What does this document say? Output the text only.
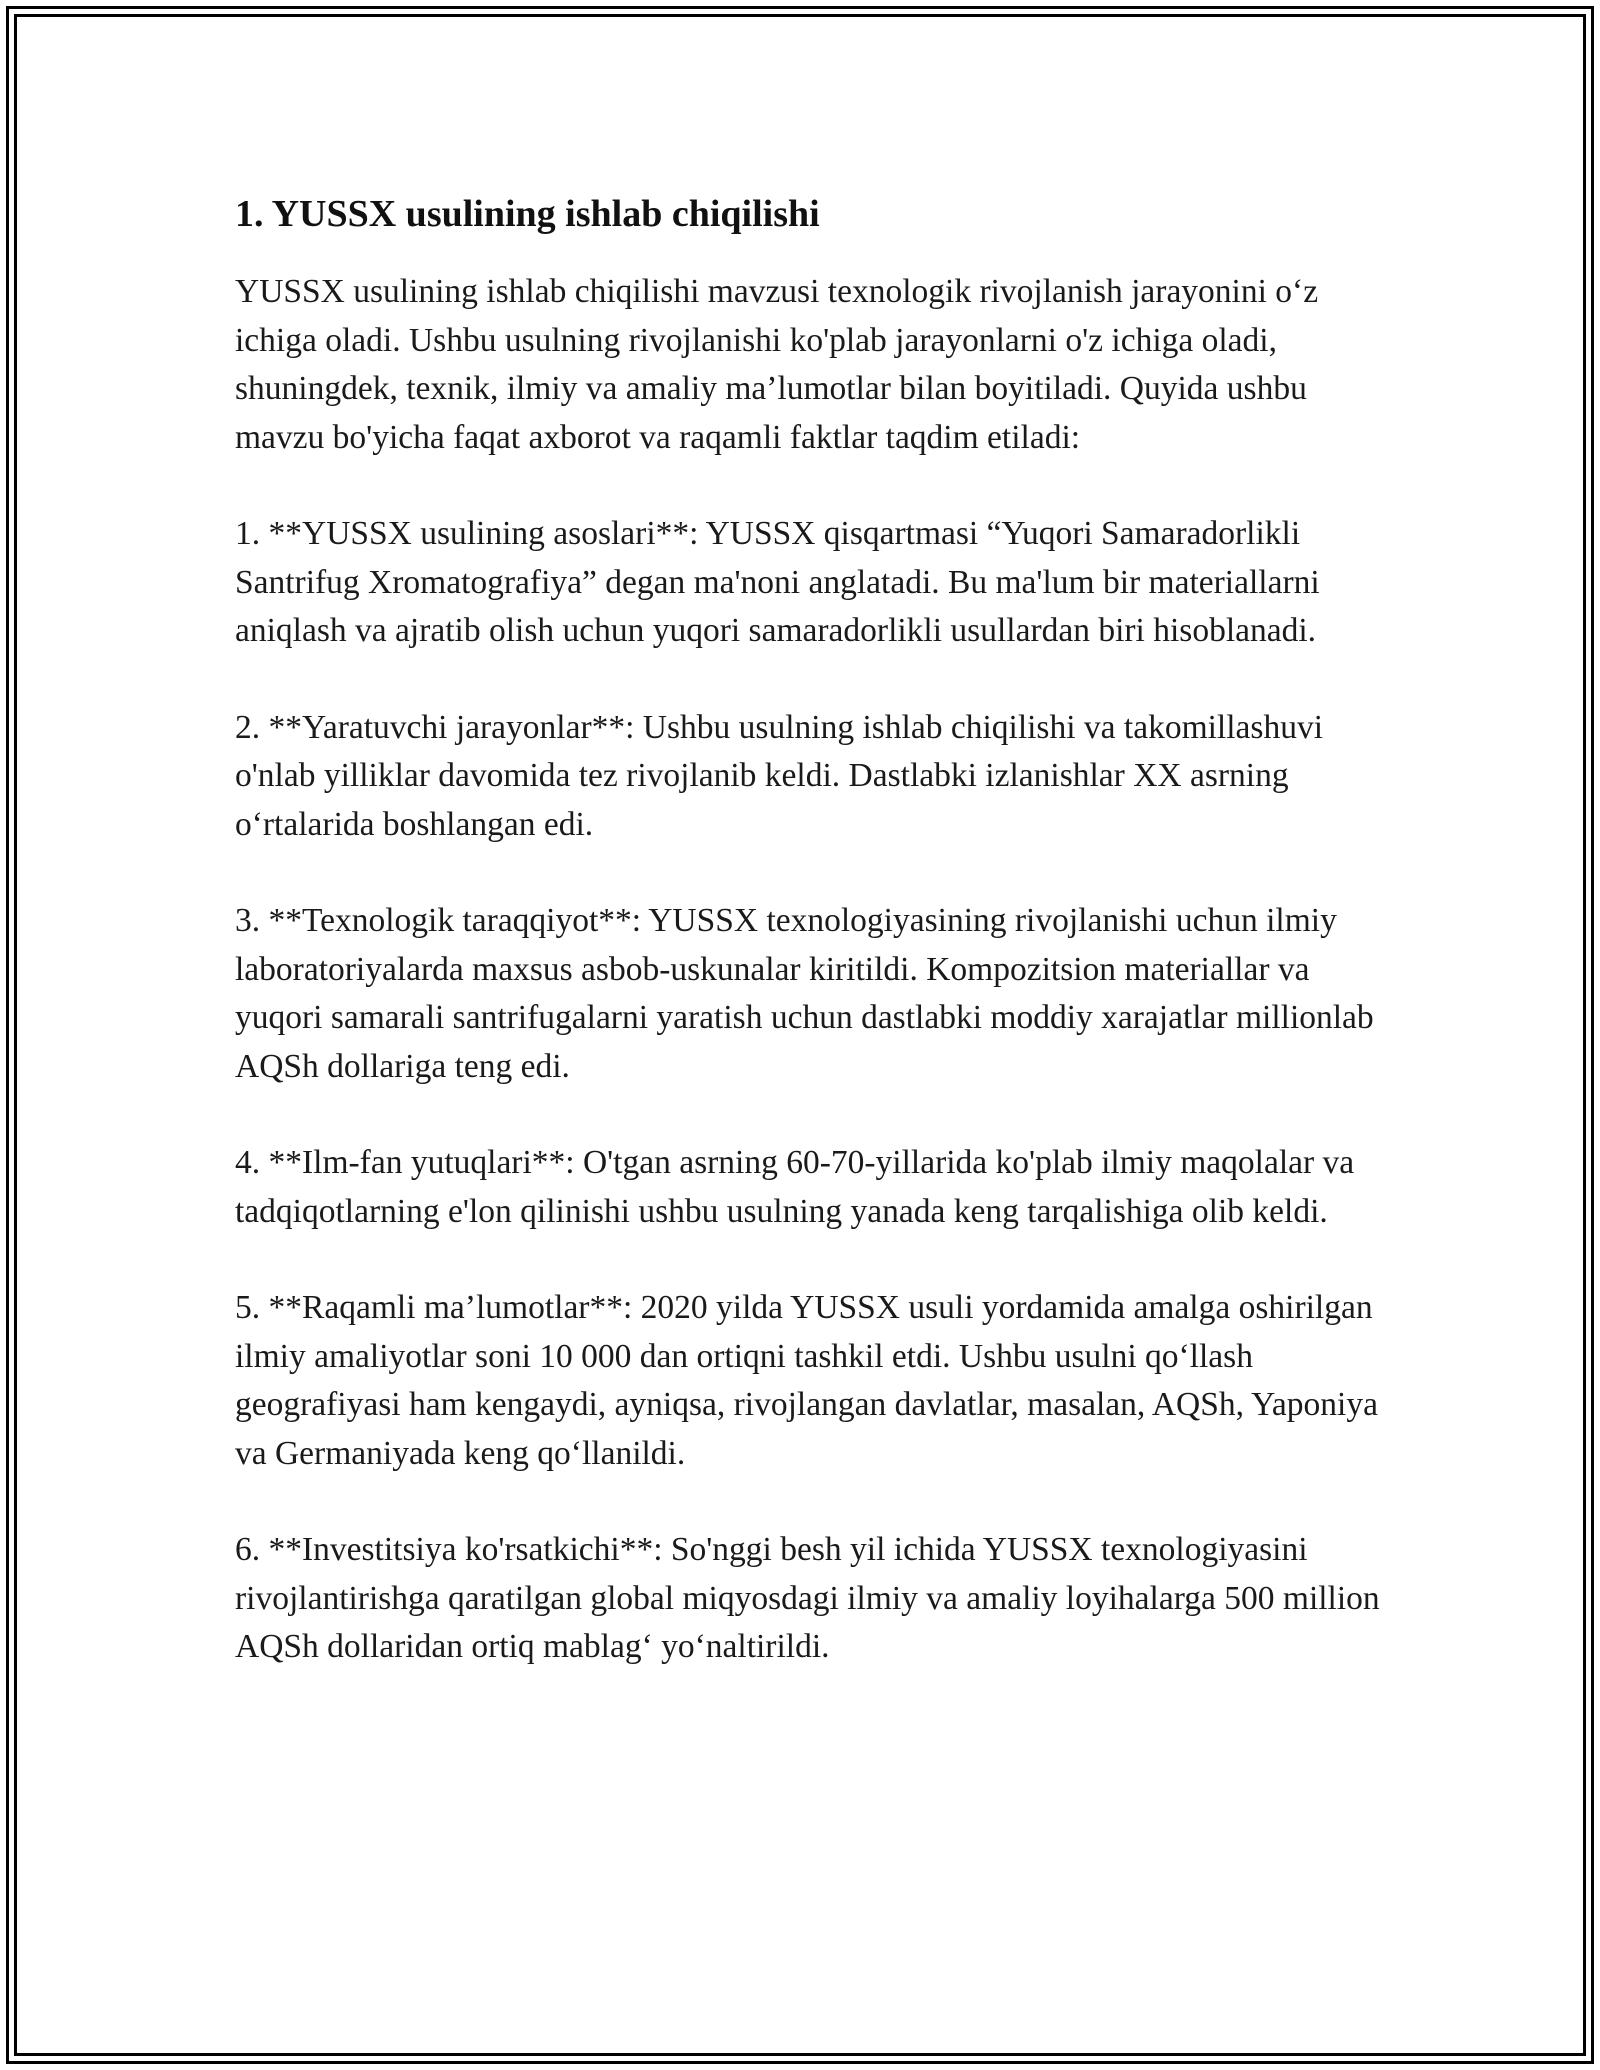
1. YUSSX usulining ishlab chiqilishi

YUSSX usulining ishlab chiqilishi mavzusi texnologik rivojlanish jarayonini o‘z ichiga oladi. Ushbu usulning rivojlanishi ko'plab jarayonlarni o'z ichiga oladi, shuningdek, texnik, ilmiy va amaliy ma’lumotlar bilan boyitiladi. Quyida ushbu mavzu bo'yicha faqat axborot va raqamli faktlar taqdim etiladi:

1. **YUSSX usulining asoslari**: YUSSX qisqartmasi “Yuqori Samaradorlikli Santrifug Xromatografiya” degan ma'noni anglatadi. Bu ma'lum bir materiallarni aniqlash va ajratib olish uchun yuqori samaradorlikli usullardan biri hisoblanadi.

2. **Yaratuvchi jarayonlar**: Ushbu usulning ishlab chiqilishi va takomillashuvi o'nlab yilliklar davomida tez rivojlanib keldi. Dastlabki izlanishlar XX asrning o‘rtalarida boshlangan edi.

3. **Texnologik taraqqiyot**: YUSSX texnologiyasining rivojlanishi uchun ilmiy laboratoriyalarda maxsus asbob-uskunalar kiritildi. Kompozitsion materiallar va yuqori samarali santrifugalarni yaratish uchun dastlabki moddiy xarajatlar millionlab AQSh dollariga teng edi.

4. **Ilm-fan yutuqlari**: O'tgan asrning 60-70-yillarida ko'plab ilmiy maqolalar va tadqiqotlarning e'lon qilinishi ushbu usulning yanada keng tarqalishiga olib keldi.

5. **Raqamli ma’lumotlar**: 2020 yilda YUSSX usuli yordamida amalga oshirilgan ilmiy amaliyotlar soni 10 000 dan ortiqni tashkil etdi. Ushbu usulni qo‘llash geografiyasi ham kengaydi, ayniqsa, rivojlangan davlatlar, masalan, AQSh, Yaponiya va Germaniyada keng qo‘llanildi.

6. **Investitsiya ko'rsatkichi**: So'nggi besh yil ichida YUSSX texnologiyasini rivojlantirishga qaratilgan global miqyosdagi ilmiy va amaliy loyihalarga 500 million AQSh dollaridan ortiq mablag‘ yo‘naltirildi.
